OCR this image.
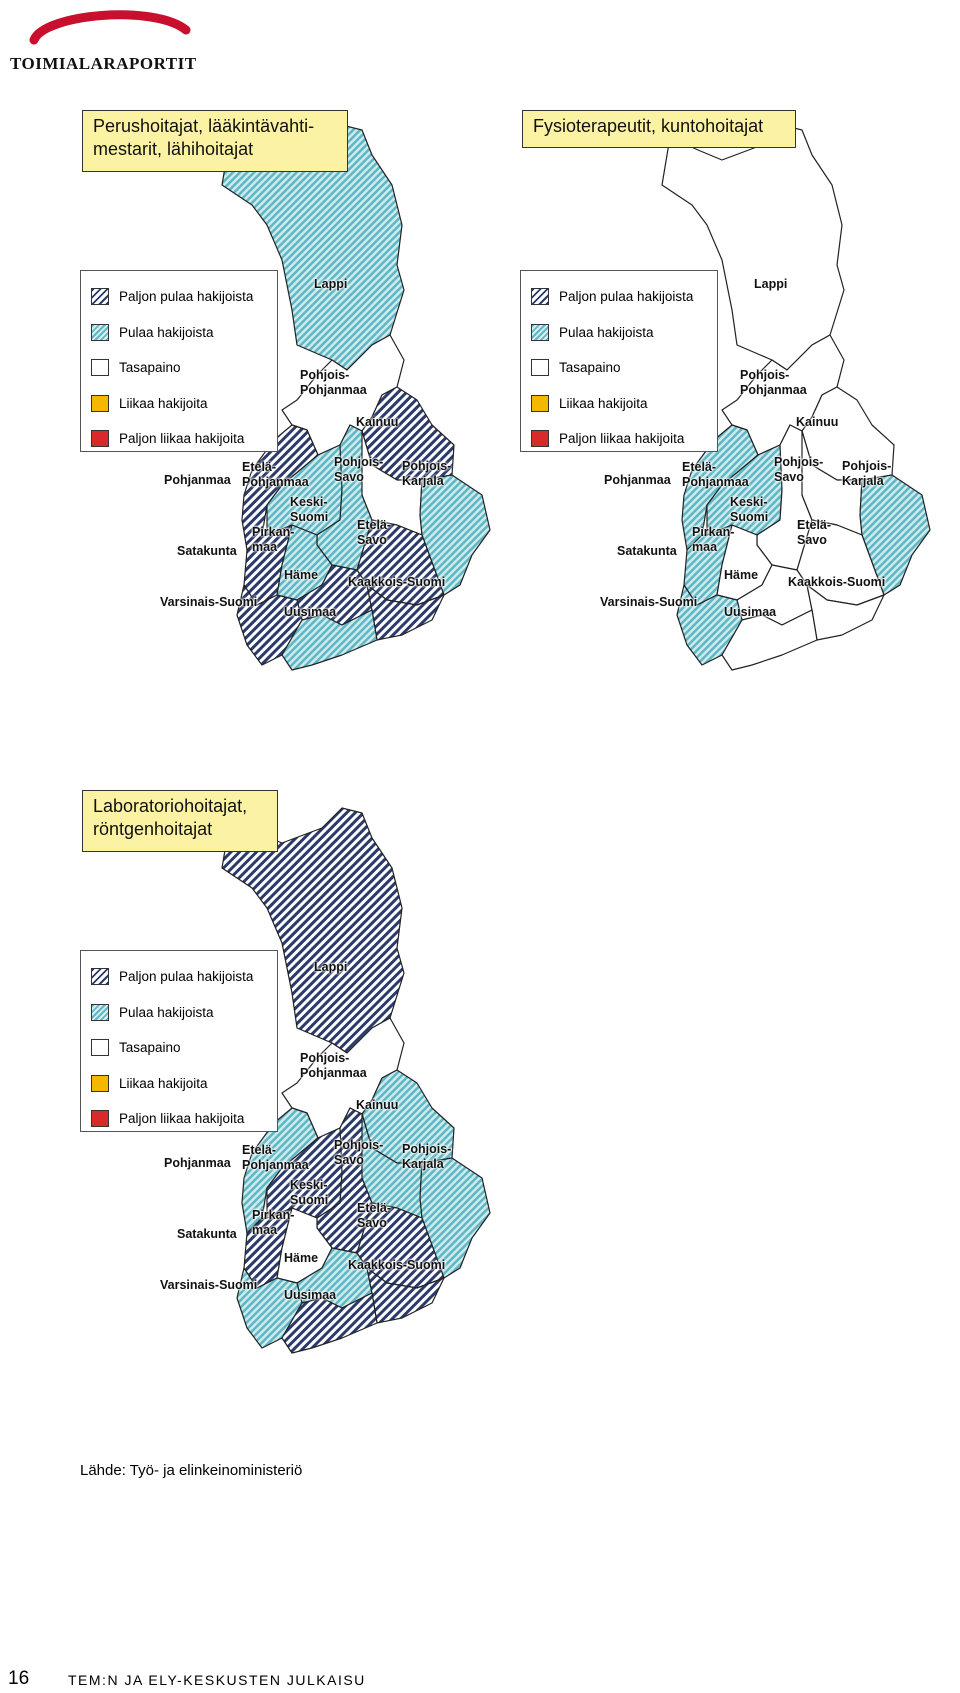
TOIMIALARAPORTIT
Lappi
Pohjois-
Pohjanmaa
Kainuu
Pohjanmaa
Etelä-
Pohjanmaa
Keski-
Suomi
Pohjois-
Savo
Pohjois-
Karjala
Satakunta
Pirkan-
maa
Etelä-
Savo
Häme Kaakkois-Suomi
Varsinais-Suomi
Uusimaa
Perushoitajat, lääkintävahti-
mestarit, lähihoitajat
Paljon pulaa hakijoista
Pulaa hakijoista
Tasapaino
Liikaa hakijoita
Paljon liikaa hakijoita
Lappi
Pohjois-
Pohjanmaa
Kainuu
Pohjanmaa
Etelä-
Pohjanmaa
Keski-
Suomi
Pohjois-
Savo
Pohjois-
Karjala
Satakunta
Pirkan-
maa
Etelä-
Savo
Häme Kaakkois-Suomi
Varsinais-Suomi
Uusimaa
Fysioterapeutit, kuntohoitajat
Paljon pulaa hakijoista
Pulaa hakijoista
Tasapaino
Liikaa hakijoita
Paljon liikaa hakijoita
Lappi
Pohjois-
Pohjanmaa
Kainuu
Pohjanmaa
Etelä-
Pohjanmaa
Keski-
Suomi
Pohjois-
Savo
Pohjois-
Karjala
Satakunta
Pirkan-
maa
Etelä-
Savo
Häme Kaakkois-Suomi
Varsinais-Suomi
Uusimaa
Laboratoriohoitajat,
röntgenhoitajat
Paljon pulaa hakijoista
Pulaa hakijoista
Tasapaino
Liikaa hakijoita
Paljon liikaa hakijoita
Lähde: Työ- ja elinkeinoministeriö
16	TEM:N JA ELY-KESKUSTEN JULKAISU
